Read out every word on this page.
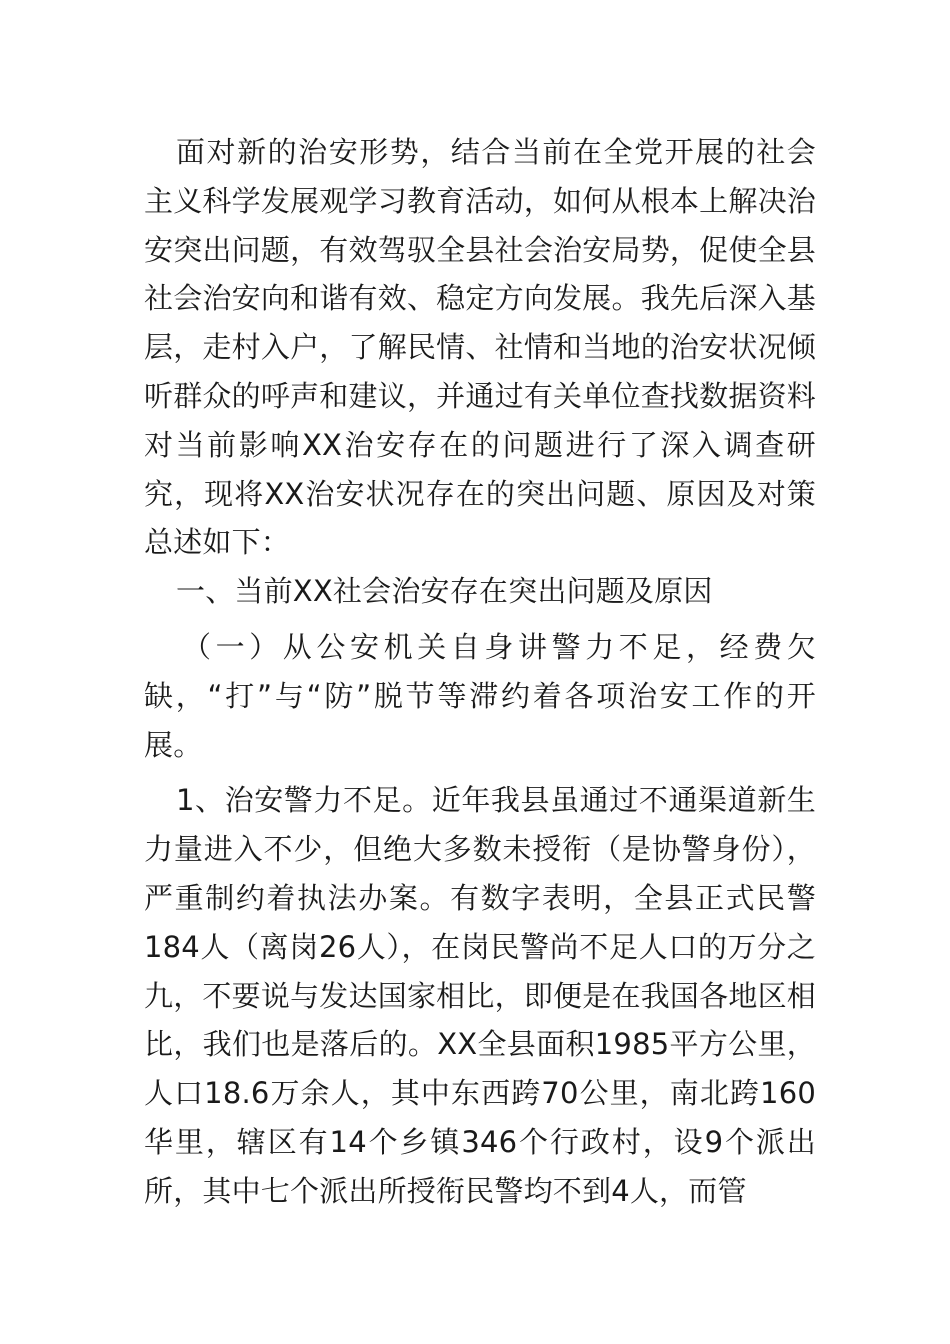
面对新的治安形势，结合当前在全党开展的社会主义科学发展观学习教育活动，如何从根本上解决治安突出问题，有效驾驭全县社会治安局势，促使全县社会治安向和谐有效、稳定方向发展。我先后深入基层，走村入户，了解民情、社情和当地的治安状况倾听群众的呼声和建议，并通过有关单位查找数据资料对当前影响XX治安存在的问题进行了深入调查研究，现将XX治安状况存在的突出问题、原因及对策总述如下：

一、当前XX社会治安存在突出问题及原因

（一）从公安机关自身讲警力不足，经费欠缺，“打”与“防”脱节等滞约着各项治安工作的开展。

1、治安警力不足。近年我县虽通过不通渠道新生力量进入不少，但绝大多数未授衔（是协警身份），严重制约着执法办案。有数字表明，全县正式民警184人（离岗26人），在岗民警尚不足人口的万分之九，不要说与发达国家相比，即便是在我国各地区相比，我们也是落后的。XX全县面积1985平方公里，人口18.6万余人，其中东西跨70公里，南北跨160华里，辖区有14个乡镇346个行政村，设9个派出所，其中七个派出所授衔民警均不到4人，而管
